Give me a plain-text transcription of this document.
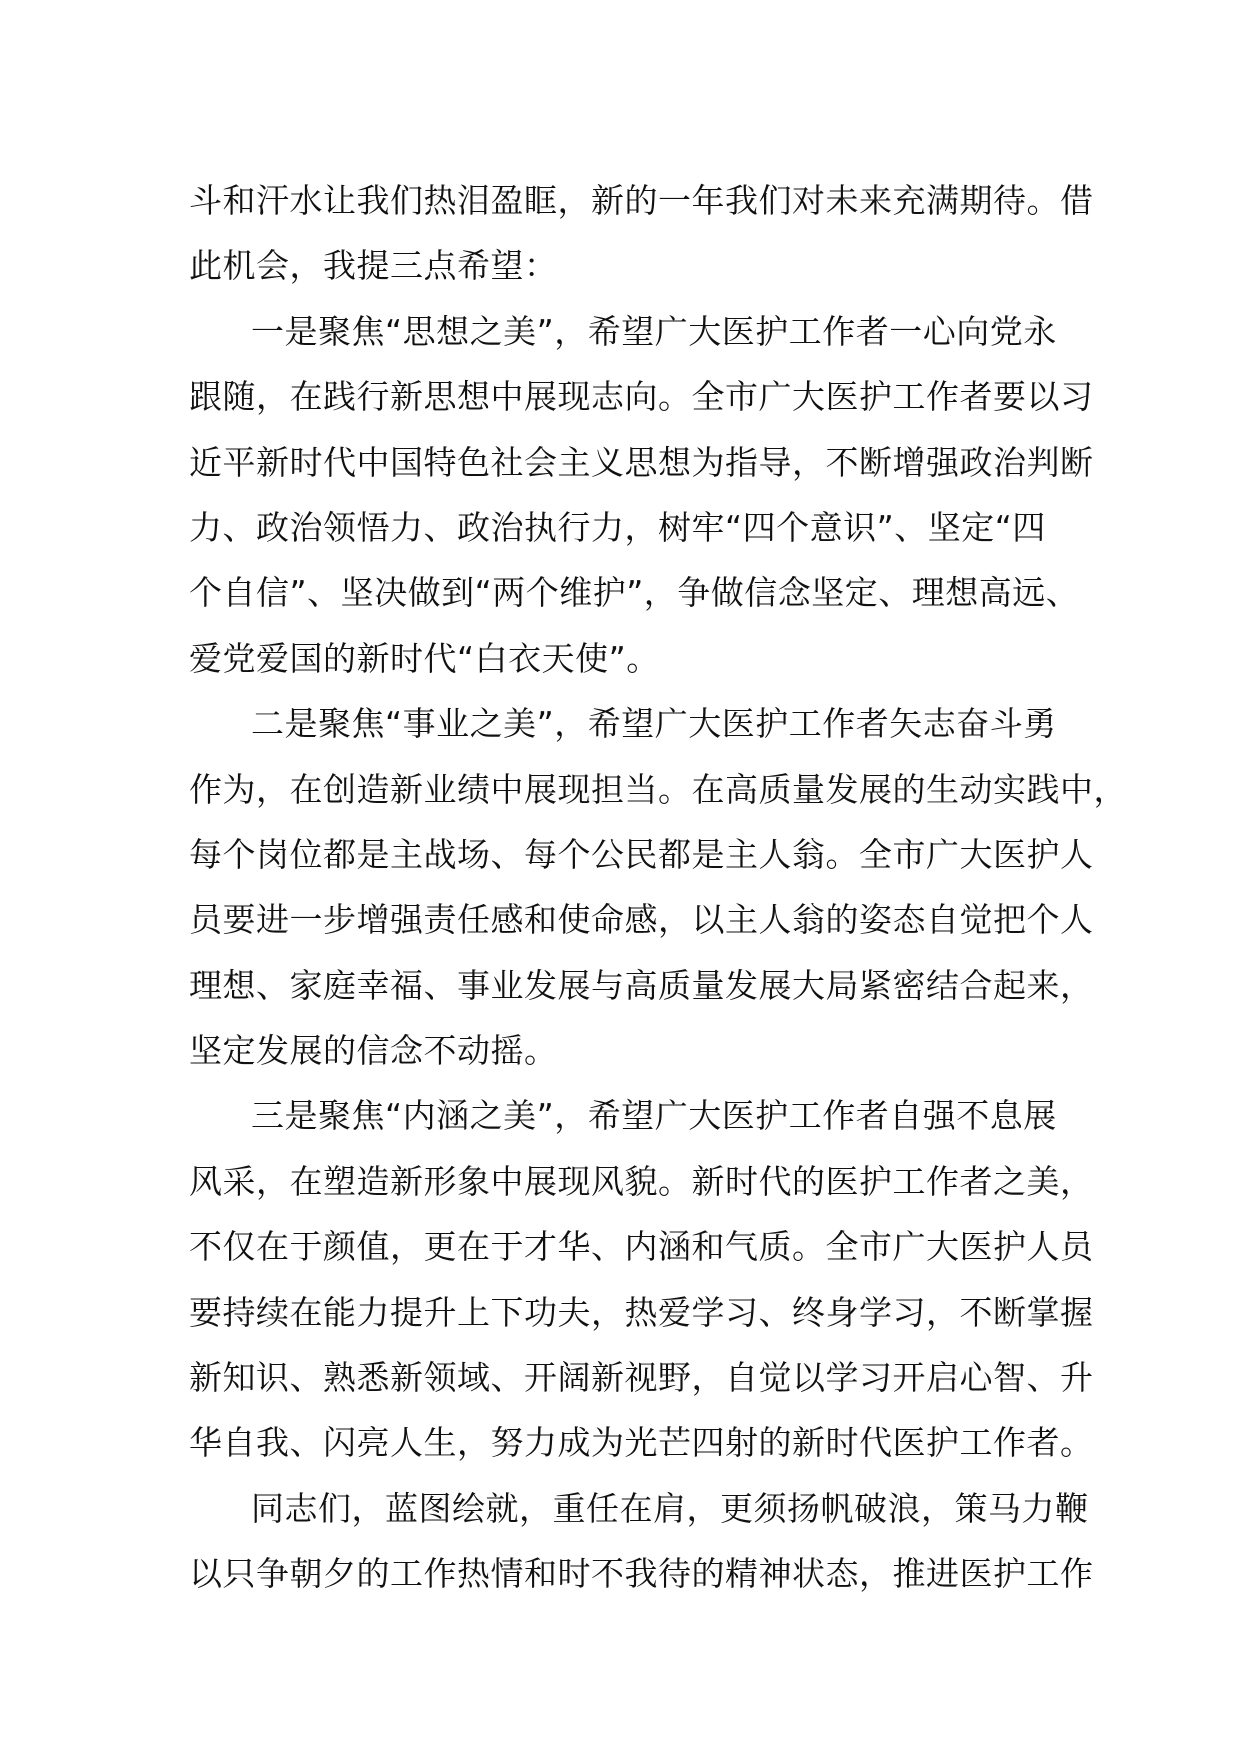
斗和汗水让我们热泪盈眶，新的一年我们对未来充满期待。借
此机会，我提三点希望：
一是聚焦“思想之美”，希望广大医护工作者一心向党永
跟随，在践行新思想中展现志向。全市广大医护工作者要以习
近平新时代中国特色社会主义思想为指导，不断增强政治判断
力、政治领悟力、政治执行力，树牢“四个意识”、坚定“四
个自信”、坚决做到“两个维护”，争做信念坚定、理想高远、
爱党爱国的新时代“白衣天使”。
二是聚焦“事业之美”，希望广大医护工作者矢志奋斗勇
作为，在创造新业绩中展现担当。在高质量发展的生动实践中，
每个岗位都是主战场、每个公民都是主人翁。全市广大医护人
员要进一步增强责任感和使命感，以主人翁的姿态自觉把个人
理想、家庭幸福、事业发展与高质量发展大局紧密结合起来，
坚定发展的信念不动摇。
三是聚焦“内涵之美”，希望广大医护工作者自强不息展
风采，在塑造新形象中展现风貌。新时代的医护工作者之美，
不仅在于颜值，更在于才华、内涵和气质。全市广大医护人员
要持续在能力提升上下功夫，热爱学习、终身学习，不断掌握
新知识、熟悉新领域、开阔新视野，自觉以学习开启心智、升
华自我、闪亮人生，努力成为光芒四射的新时代医护工作者。
同志们，蓝图绘就，重任在肩，更须扬帆破浪，策马力鞭
以只争朝夕的工作热情和时不我待的精神状态，推进医护工作
